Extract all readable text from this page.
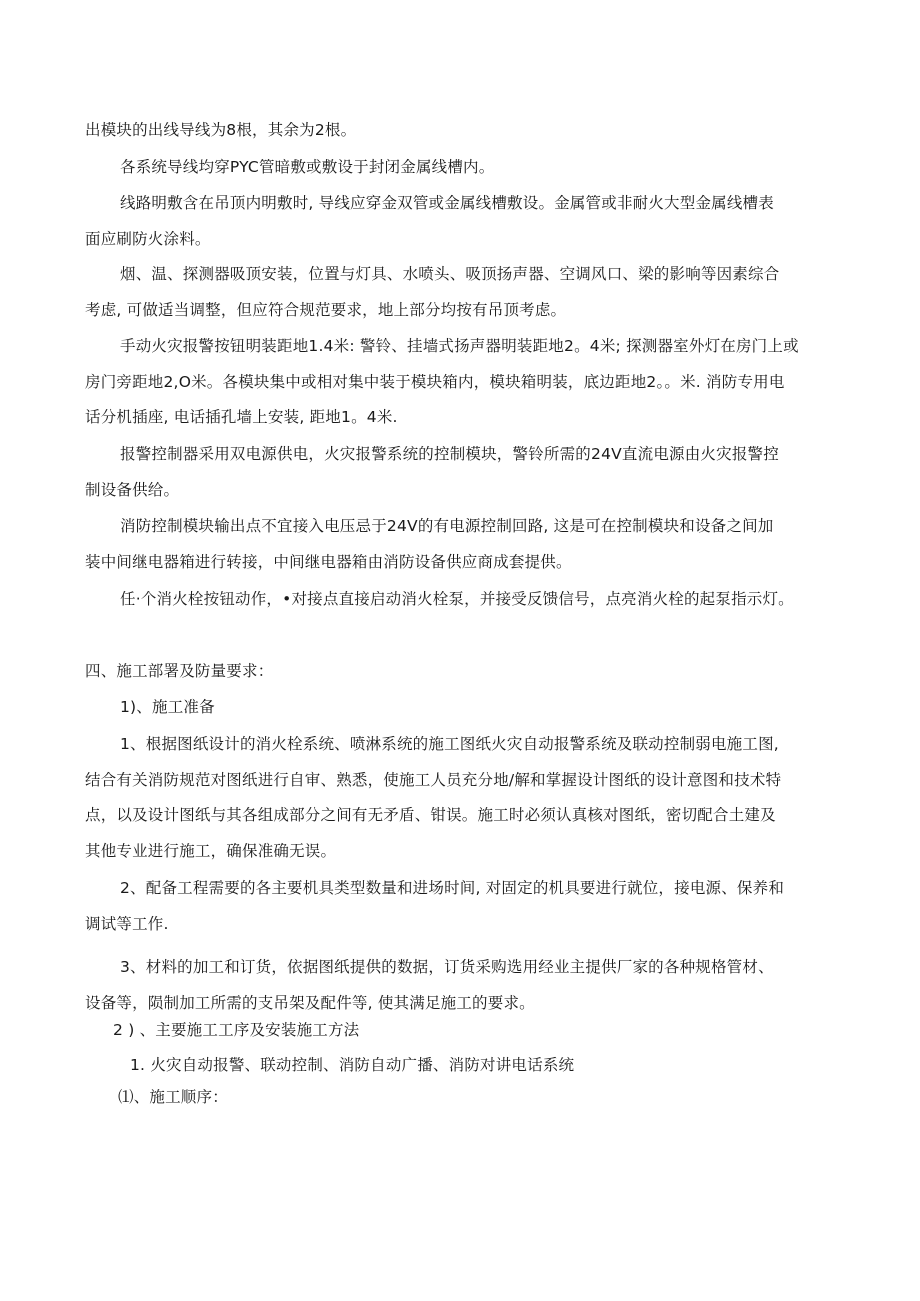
出模块的出线导线为8根，其余为2根。
各系统导线均穿PYC管暗敷或敷设于封闭金属线槽内。
线路明敷含在吊顶内明敷时, 导线应穿金双管或金属线槽敷设。金属管或非耐火大型金属线槽表
面应刷防火涂料。
烟、温、探测器吸顶安装，位置与灯具、水喷头、吸顶扬声器、空调风口、梁的影响等因素综合
考虑, 可做适当调整，但应符合规范要求，地上部分均按有吊顶考虑。
手动火灾报警按钮明装距地1.4米: 警铃、挂墙式扬声器明装距地2。4米; 探测器室外灯在房门上或
房门旁距地2,O米。各模块集中或相对集中装于模块箱内，模块箱明装，底边距地2。。米. 消防专用电
话分机插座, 电话插孔墙上安装, 距地1。4米.
报警控制器采用双电源供电，火灾报警系统的控制模块，警铃所需的24V直流电源由火灾报警控
制设备供给。
消防控制模块输出点不宜接入电压忌于24V的有电源控制回路, 这是可在控制模块和设备之间加
装中间继电器箱进行转接，中间继电器箱由消防设备供应商成套提供。
任·个消火栓按钮动作，•对接点直接启动消火栓泵，并接受反馈信号，点亮消火栓的起泵指示灯。
四、施工部署及防量要求：
1)、施工准备
1、根据图纸设计的消火栓系统、喷淋系统的施工图纸火灾自动报警系统及联动控制弱电施工图,
结合有关消防规范对图纸进行自审、熟悉，使施工人员充分地/解和掌握设计图纸的设计意图和技术特
点，以及设计图纸与其各组成部分之间有无矛盾、钳误。施工时必须认真核对图纸，密切配合土建及
其他专业进行施工，确保准确无误。
2、配备工程需要的各主要机具类型数量和进场时间, 对固定的机具要进行就位，接电源、保养和
调试等工作.
3、材料的加工和订货，依据图纸提供的数据，订货采购选用经业主提供厂家的各种规格管材、
设备等，陨制加工所需的支吊架及配件等, 使其满足施工的要求。
2 ) 、主要施工工序及安装施工方法
1. 火灾自动报警、联动控制、消防自动广播、消防对讲电话系统
⑴、施工顺序：
